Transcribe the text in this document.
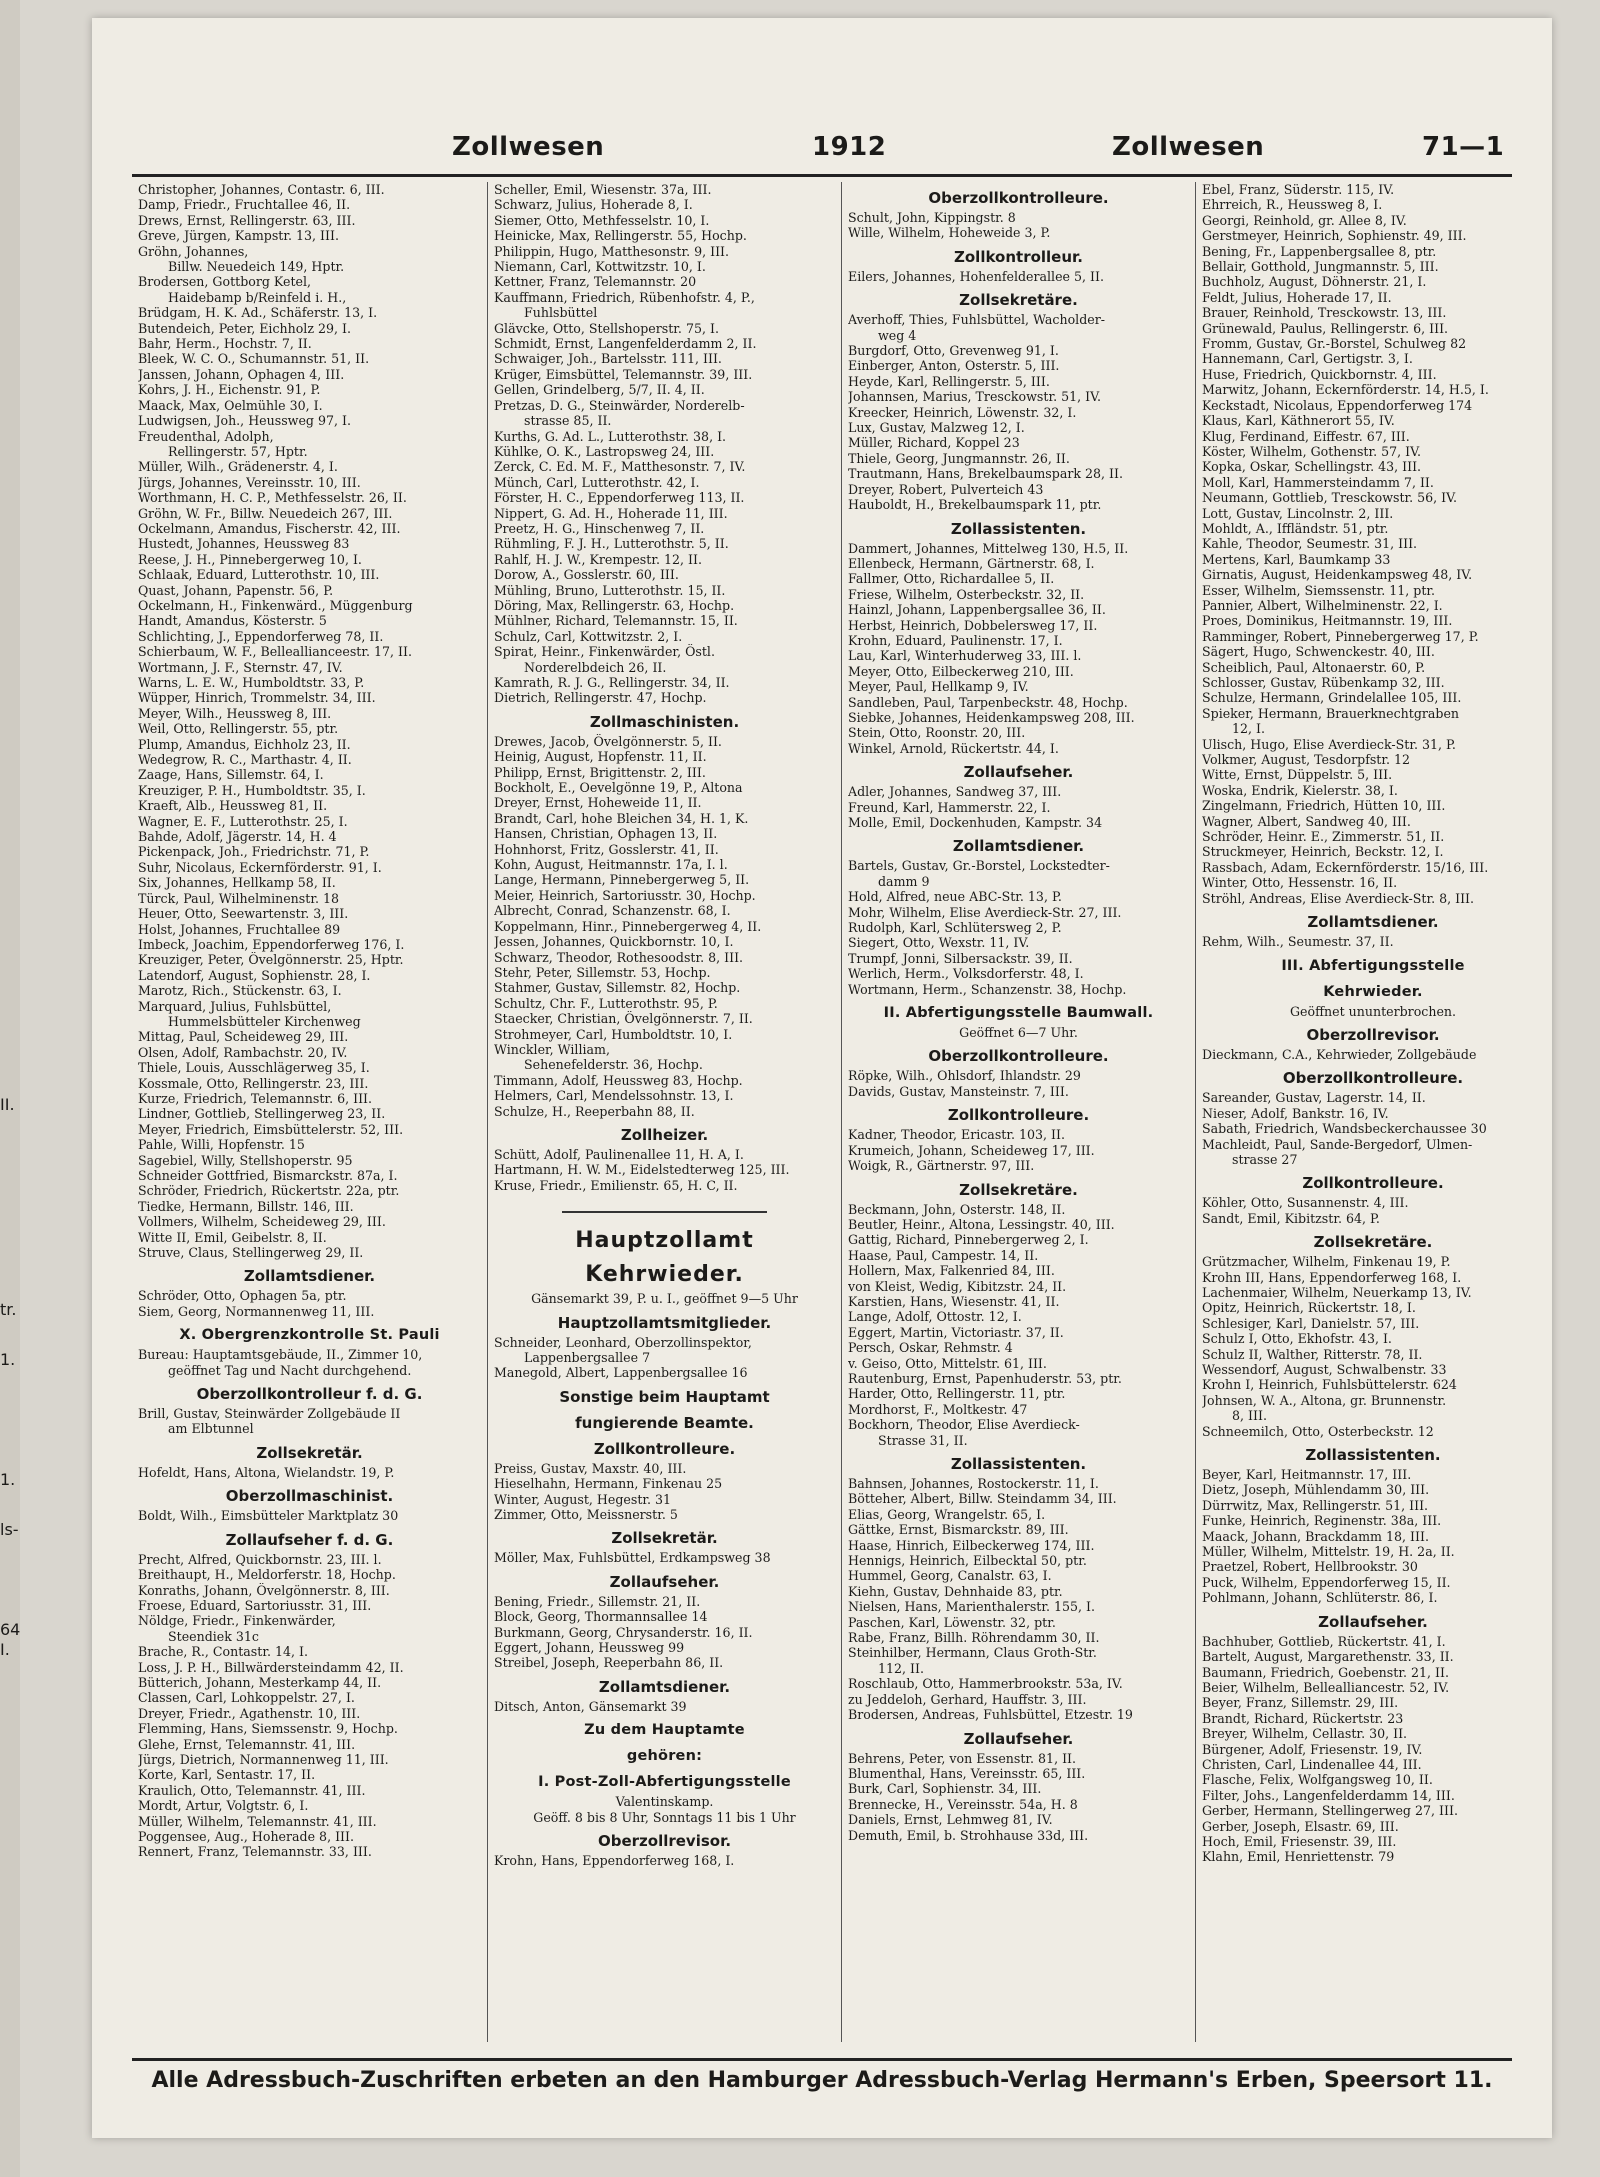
II.
tr.
1.
1.
ls-
64
I.
Zollwesen	1912	Zollwesen	71—1
Christopher, Johannes, Contastr. 6, III.
Damp, Friedr., Fruchtallee 46, II.
Drews, Ernst, Rellingerstr. 63, III.
Greve, Jürgen, Kampstr. 13, III.
Gröhn, Johannes,
Billw. Neuedeich 149, Hptr.
Brodersen, Gottborg Ketel,
Haidebamp b/Reinfeld i. H.,
Brüdgam, H. K. Ad., Schäferstr. 13, I.
Butendeich, Peter, Eichholz 29, I.
Bahr, Herm., Hochstr. 7, II.
Bleek, W. C. O., Schumannstr. 51, II.
Janssen, Johann, Ophagen 4, III.
Kohrs, J. H., Eichenstr. 91, P.
Maack, Max, Oelmühle 30, I.
Ludwigsen, Joh., Heussweg 97, I.
Freudenthal, Adolph,
Rellingerstr. 57, Hptr.
Müller, Wilh., Grädenerstr. 4, I.
Jürgs, Johannes, Vereinsstr. 10, III.
Worthmann, H. C. P., Methfesselstr. 26, II.
Gröhn, W. Fr., Billw. Neuedeich 267, III.
Ockelmann, Amandus, Fischerstr. 42, III.
Hustedt, Johannes, Heussweg 83
Reese, J. H., Pinnebergerweg 10, I.
Schlaak, Eduard, Lutterothstr. 10, III.
Quast, Johann, Papenstr. 56, P.
Ockelmann, H., Finkenwärd., Müggenburg
Handt, Amandus, Kösterstr. 5
Schlichting, J., Eppendorferweg 78, II.
Schierbaum, W. F., Belleallianceestr. 17, II.
Wortmann, J. F., Sternstr. 47, IV.
Warns, L. E. W., Humboldtstr. 33, P.
Wüpper, Hinrich, Trommelstr. 34, III.
Meyer, Wilh., Heussweg 8, III.
Weil, Otto, Rellingerstr. 55, ptr.
Plump, Amandus, Eichholz 23, II.
Wedegrow, R. C., Marthastr. 4, II.
Zaage, Hans, Sillemstr. 64, I.
Kreuziger, P. H., Humboldtstr. 35, I.
Kraeft, Alb., Heussweg 81, II.
Wagner, E. F., Lutterothstr. 25, I.
Bahde, Adolf, Jägerstr. 14, H. 4
Pickenpack, Joh., Friedrichstr. 71, P.
Suhr, Nicolaus, Eckernförderstr. 91, I.
Six, Johannes, Hellkamp 58, II.
Türck, Paul, Wilhelminenstr. 18
Heuer, Otto, Seewartenstr. 3, III.
Holst, Johannes, Fruchtallee 89
Imbeck, Joachim, Eppendorferweg 176, I.
Kreuziger, Peter, Övelgönnerstr. 25, Hptr.
Latendorf, August, Sophienstr. 28, I.
Marotz, Rich., Stückenstr. 63, I.
Marquard, Julius, Fuhlsbüttel,
Hummelsbütteler Kirchenweg
Mittag, Paul, Scheideweg 29, III.
Olsen, Adolf, Rambachstr. 20, IV.
Thiele, Louis, Ausschlägerweg 35, I.
Kossmale, Otto, Rellingerstr. 23, III.
Kurze, Friedrich, Telemannstr. 6, III.
Lindner, Gottlieb, Stellingerweg 23, II.
Meyer, Friedrich, Eimsbüttelerstr. 52, III.
Pahle, Willi, Hopfenstr. 15
Sagebiel, Willy, Stellshoperstr. 95
Schneider Gottfried, Bismarckstr. 87a, I.
Schröder, Friedrich, Rückertstr. 22a, ptr.
Tiedke, Hermann, Billstr. 146, III.
Vollmers, Wilhelm, Scheideweg 29, III.
Witte II, Emil, Geibelstr. 8, II.
Struve, Claus, Stellingerweg 29, II.
Zollamtsdiener.
Schröder, Otto, Ophagen 5a, ptr.
Siem, Georg, Normannenweg 11, III.
X. Obergrenzkontrolle St. Pauli
Bureau: Hauptamtsgebäude, II., Zimmer 10,
geöffnet Tag und Nacht durchgehend.
Oberzollkontrolleur f. d. G.
Brill, Gustav, Steinwärder Zollgebäude II
am Elbtunnel
Zollsekretär.
Hofeldt, Hans, Altona, Wielandstr. 19, P.
Oberzollmaschinist.
Boldt, Wilh., Eimsbütteler Marktplatz 30
Zollaufseher f. d. G.
Precht, Alfred, Quickbornstr. 23, III. l.
Breithaupt, H., Meldorferstr. 18, Hochp.
Konraths, Johann, Övelgönnerstr. 8, III.
Froese, Eduard, Sartoriusstr. 31, III.
Nöldge, Friedr., Finkenwärder,
Steendiek 31c
Brache, R., Contastr. 14, I.
Loss, J. P. H., Billwärdersteindamm 42, II.
Bütterich, Johann, Mesterkamp 44, II.
Classen, Carl, Lohkoppelstr. 27, I.
Dreyer, Friedr., Agathenstr. 10, III.
Flemming, Hans, Siemssenstr. 9, Hochp.
Glehe, Ernst, Telemannstr. 41, III.
Jürgs, Dietrich, Normannenweg 11, III.
Korte, Karl, Sentastr. 17, II.
Kraulich, Otto, Telemannstr. 41, III.
Mordt, Artur, Volgtstr. 6, I.
Müller, Wilhelm, Telemannstr. 41, III.
Poggensee, Aug., Hoherade 8, III.
Rennert, Franz, Telemannstr. 33, III.
Scheller, Emil, Wiesenstr. 37a, III.
Schwarz, Julius, Hoherade 8, I.
Siemer, Otto, Methfesselstr. 10, I.
Heinicke, Max, Rellingerstr. 55, Hochp.
Philippin, Hugo, Matthesonstr. 9, III.
Niemann, Carl, Kottwitzstr. 10, I.
Kettner, Franz, Telemannstr. 20
Kauffmann, Friedrich, Rübenhofstr. 4, P.,
Fuhlsbüttel
Glävcke, Otto, Stellshoperstr. 75, I.
Schmidt, Ernst, Langenfelderdamm 2, II.
Schwaiger, Joh., Bartelsstr. 111, III.
Krüger, Eimsbüttel, Telemannstr. 39, III.
Gellen, Grindelberg, 5/7, II. 4, II.
Pretzas, D. G., Steinwärder, Norderelb-
strasse 85, II.
Kurths, G. Ad. L., Lutterothstr. 38, I.
Kühlke, O. K., Lastropsweg 24, III.
Zerck, C. Ed. M. F., Matthesonstr. 7, IV.
Münch, Carl, Lutterothstr. 42, I.
Förster, H. C., Eppendorferweg 113, II.
Nippert, G. Ad. H., Hoherade 11, III.
Preetz, H. G., Hinschenweg 7, II.
Rühmling, F. J. H., Lutterothstr. 5, II.
Rahlf, H. J. W., Krempestr. 12, II.
Dorow, A., Gosslerstr. 60, III.
Mühling, Bruno, Lutterothstr. 15, II.
Döring, Max, Rellingerstr. 63, Hochp.
Mühlner, Richard, Telemannstr. 15, II.
Schulz, Carl, Kottwitzstr. 2, I.
Spirat, Heinr., Finkenwärder, Östl.
Norderelbdeich 26, II.
Kamrath, R. J. G., Rellingerstr. 34, II.
Dietrich, Rellingerstr. 47, Hochp.
Zollmaschinisten.
Drewes, Jacob, Övelgönnerstr. 5, II.
Heinig, August, Hopfenstr. 11, II.
Philipp, Ernst, Brigittenstr. 2, III.
Bockholt, E., Oevelgönne 19, P., Altona
Dreyer, Ernst, Hoheweide 11, II.
Brandt, Carl, hohe Bleichen 34, H. 1, K.
Hansen, Christian, Ophagen 13, II.
Hohnhorst, Fritz, Gosslerstr. 41, II.
Kohn, August, Heitmannstr. 17a, I. l.
Lange, Hermann, Pinnebergerweg 5, II.
Meier, Heinrich, Sartoriusstr. 30, Hochp.
Albrecht, Conrad, Schanzenstr. 68, I.
Koppelmann, Hinr., Pinnebergerweg 4, II.
Jessen, Johannes, Quickbornstr. 10, I.
Schwarz, Theodor, Rothesoodstr. 8, III.
Stehr, Peter, Sillemstr. 53, Hochp.
Stahmer, Gustav, Sillemstr. 82, Hochp.
Schultz, Chr. F., Lutterothstr. 95, P.
Staecker, Christian, Övelgönnerstr. 7, II.
Strohmeyer, Carl, Humboldtstr. 10, I.
Winckler, William,
Sehenefelderstr. 36, Hochp.
Timmann, Adolf, Heussweg 83, Hochp.
Helmers, Carl, Mendelssohnstr. 13, I.
Schulze, H., Reeperbahn 88, II.
Zollheizer.
Schütt, Adolf, Paulinenallee 11, H. A, I.
Hartmann, H. W. M., Eidelstedterweg 125, III.
Kruse, Friedr., Emilienstr. 65, H. C, II.
Hauptzollamt
Kehrwieder.
Gänsemarkt 39, P. u. I., geöffnet 9—5 Uhr
Hauptzollamtsmitglieder.
Schneider, Leonhard, Oberzollinspektor,
Lappenbergsallee 7
Manegold, Albert, Lappenbergsallee 16
Sonstige beim Hauptamt
fungierende Beamte.
Zollkontrolleure.
Preiss, Gustav, Maxstr. 40, III.
Hieselhahn, Hermann, Finkenau 25
Winter, August, Hegestr. 31
Zimmer, Otto, Meissnerstr. 5
Zollsekretär.
Möller, Max, Fuhlsbüttel, Erdkampsweg 38
Zollaufseher.
Bening, Friedr., Sillemstr. 21, II.
Block, Georg, Thormannsallee 14
Burkmann, Georg, Chrysanderstr. 16, II.
Eggert, Johann, Heussweg 99
Streibel, Joseph, Reeperbahn 86, II.
Zollamtsdiener.
Ditsch, Anton, Gänsemarkt 39
Zu dem Hauptamte
gehören:
I. Post-Zoll-Abfertigungsstelle
Valentinskamp.
Geöff. 8 bis 8 Uhr, Sonntags 11 bis 1 Uhr
Oberzollrevisor.
Krohn, Hans, Eppendorferweg 168, I.
Oberzollkontrolleure.
Schult, John, Kippingstr. 8
Wille, Wilhelm, Hoheweide 3, P.
Zollkontrolleur.
Eilers, Johannes, Hohenfelderallee 5, II.
Zollsekretäre.
Averhoff, Thies, Fuhlsbüttel, Wacholder-
weg 4
Burgdorf, Otto, Grevenweg 91, I.
Einberger, Anton, Osterstr. 5, III.
Heyde, Karl, Rellingerstr. 5, III.
Johannsen, Marius, Tresckowstr. 51, IV.
Kreecker, Heinrich, Löwenstr. 32, I.
Lux, Gustav, Malzweg 12, I.
Müller, Richard, Koppel 23
Thiele, Georg, Jungmannstr. 26, II.
Trautmann, Hans, Brekelbaumspark 28, II.
Dreyer, Robert, Pulverteich 43
Hauboldt, H., Brekelbaumspark 11, ptr.
Zollassistenten.
Dammert, Johannes, Mittelweg 130, H.5, II.
Ellenbeck, Hermann, Gärtnerstr. 68, I.
Fallmer, Otto, Richardallee 5, II.
Friese, Wilhelm, Osterbeckstr. 32, II.
Hainzl, Johann, Lappenbergsallee 36, II.
Herbst, Heinrich, Dobbelersweg 17, II.
Krohn, Eduard, Paulinenstr. 17, I.
Lau, Karl, Winterhuderweg 33, III. l.
Meyer, Otto, Eilbeckerweg 210, III.
Meyer, Paul, Hellkamp 9, IV.
Sandleben, Paul, Tarpenbeckstr. 48, Hochp.
Siebke, Johannes, Heidenkampsweg 208, III.
Stein, Otto, Roonstr. 20, III.
Winkel, Arnold, Rückertstr. 44, I.
Zollaufseher.
Adler, Johannes, Sandweg 37, III.
Freund, Karl, Hammerstr. 22, I.
Molle, Emil, Dockenhuden, Kampstr. 34
Zollamtsdiener.
Bartels, Gustav, Gr.-Borstel, Lockstedter-
damm 9
Hold, Alfred, neue ABC-Str. 13, P.
Mohr, Wilhelm, Elise Averdieck-Str. 27, III.
Rudolph, Karl, Schlütersweg 2, P.
Siegert, Otto, Wexstr. 11, IV.
Trumpf, Jonni, Silbersackstr. 39, II.
Werlich, Herm., Volksdorferstr. 48, I.
Wortmann, Herm., Schanzenstr. 38, Hochp.
II. Abfertigungsstelle Baumwall.
Geöffnet 6—7 Uhr.
Oberzollkontrolleure.
Röpke, Wilh., Ohlsdorf, Ihlandstr. 29
Davids, Gustav, Mansteinstr. 7, III.
Zollkontrolleure.
Kadner, Theodor, Ericastr. 103, II.
Krumeich, Johann, Scheideweg 17, III.
Woigk, R., Gärtnerstr. 97, III.
Zollsekretäre.
Beckmann, John, Osterstr. 148, II.
Beutler, Heinr., Altona, Lessingstr. 40, III.
Gattig, Richard, Pinnebergerweg 2, I.
Haase, Paul, Campestr. 14, II.
Hollern, Max, Falkenried 84, III.
von Kleist, Wedig, Kibitzstr. 24, II.
Karstien, Hans, Wiesenstr. 41, II.
Lange, Adolf, Ottostr. 12, I.
Eggert, Martin, Victoriastr. 37, II.
Persch, Oskar, Rehmstr. 4
v. Geiso, Otto, Mittelstr. 61, III.
Rautenburg, Ernst, Papenhuderstr. 53, ptr.
Harder, Otto, Rellingerstr. 11, ptr.
Mordhorst, F., Moltkestr. 47
Bockhorn, Theodor, Elise Averdieck-
Strasse 31, II.
Zollassistenten.
Bahnsen, Johannes, Rostockerstr. 11, I.
Bötteher, Albert, Billw. Steindamm 34, III.
Elias, Georg, Wrangelstr. 65, I.
Gättke, Ernst, Bismarckstr. 89, III.
Haase, Hinrich, Eilbeckerweg 174, III.
Hennigs, Heinrich, Eilbecktal 50, ptr.
Hummel, Georg, Canalstr. 63, I.
Kiehn, Gustav, Dehnhaide 83, ptr.
Nielsen, Hans, Marienthalerstr. 155, I.
Paschen, Karl, Löwenstr. 32, ptr.
Rabe, Franz, Billh. Röhrendamm 30, II.
Steinhilber, Hermann, Claus Groth-Str.
112, II.
Roschlaub, Otto, Hammerbrookstr. 53a, IV.
zu Jeddeloh, Gerhard, Hauffstr. 3, III.
Brodersen, Andreas, Fuhlsbüttel, Etzestr. 19
Zollaufseher.
Behrens, Peter, von Essenstr. 81, II.
Blumenthal, Hans, Vereinsstr. 65, III.
Burk, Carl, Sophienstr. 34, III.
Brennecke, H., Vereinsstr. 54a, H. 8
Daniels, Ernst, Lehmweg 81, IV.
Demuth, Emil, b. Strohhause 33d, III.
Ebel, Franz, Süderstr. 115, IV.
Ehrreich, R., Heussweg 8, I.
Georgi, Reinhold, gr. Allee 8, IV.
Gerstmeyer, Heinrich, Sophienstr. 49, III.
Bening, Fr., Lappenbergsallee 8, ptr.
Bellair, Gotthold, Jungmannstr. 5, III.
Buchholz, August, Döhnerstr. 21, I.
Feldt, Julius, Hoherade 17, II.
Brauer, Reinhold, Tresckowstr. 13, III.
Grünewald, Paulus, Rellingerstr. 6, III.
Fromm, Gustav, Gr.-Borstel, Schulweg 82
Hannemann, Carl, Gertigstr. 3, I.
Huse, Friedrich, Quickbornstr. 4, III.
Marwitz, Johann, Eckernförderstr. 14, H.5, I.
Keckstadt, Nicolaus, Eppendorferweg 174
Klaus, Karl, Käthnerort 55, IV.
Klug, Ferdinand, Eiffestr. 67, III.
Köster, Wilhelm, Gothenstr. 57, IV.
Kopka, Oskar, Schellingstr. 43, III.
Moll, Karl, Hammersteindamm 7, II.
Neumann, Gottlieb, Tresckowstr. 56, IV.
Lott, Gustav, Lincolnstr. 2, III.
Mohldt, A., Iffländstr. 51, ptr.
Kahle, Theodor, Seumestr. 31, III.
Mertens, Karl, Baumkamp 33
Girnatis, August, Heidenkampsweg 48, IV.
Esser, Wilhelm, Siemssenstr. 11, ptr.
Pannier, Albert, Wilhelminenstr. 22, I.
Proes, Dominikus, Heitmannstr. 19, III.
Ramminger, Robert, Pinnebergerweg 17, P.
Sägert, Hugo, Schwenckestr. 40, III.
Scheiblich, Paul, Altonaerstr. 60, P.
Schlosser, Gustav, Rübenkamp 32, III.
Schulze, Hermann, Grindelallee 105, III.
Spieker, Hermann, Brauerknechtgraben
12, I.
Ulisch, Hugo, Elise Averdieck-Str. 31, P.
Volkmer, August, Tesdorpfstr. 12
Witte, Ernst, Düppelstr. 5, III.
Woska, Endrik, Kielerstr. 38, I.
Zingelmann, Friedrich, Hütten 10, III.
Wagner, Albert, Sandweg 40, III.
Schröder, Heinr. E., Zimmerstr. 51, II.
Struckmeyer, Heinrich, Beckstr. 12, I.
Rassbach, Adam, Eckernförderstr. 15/16, III.
Winter, Otto, Hessenstr. 16, II.
Ströhl, Andreas, Elise Averdieck-Str. 8, III.
Zollamtsdiener.
Rehm, Wilh., Seumestr. 37, II.
III. Abfertigungsstelle
Kehrwieder.
Geöffnet ununterbrochen.
Oberzollrevisor.
Dieckmann, C.A., Kehrwieder, Zollgebäude
Oberzollkontrolleure.
Sareander, Gustav, Lagerstr. 14, II.
Nieser, Adolf, Bankstr. 16, IV.
Sabath, Friedrich, Wandsbeckerchaussee 30
Machleidt, Paul, Sande-Bergedorf, Ulmen-
strasse 27
Zollkontrolleure.
Köhler, Otto, Susannenstr. 4, III.
Sandt, Emil, Kibitzstr. 64, P.
Zollsekretäre.
Grützmacher, Wilhelm, Finkenau 19, P.
Krohn III, Hans, Eppendorferweg 168, I.
Lachenmaier, Wilhelm, Neuerkamp 13, IV.
Opitz, Heinrich, Rückertstr. 18, I.
Schlesiger, Karl, Danielstr. 57, III.
Schulz I, Otto, Ekhofstr. 43, I.
Schulz II, Walther, Ritterstr. 78, II.
Wessendorf, August, Schwalbenstr. 33
Krohn I, Heinrich, Fuhlsbüttelerstr. 624
Johnsen, W. A., Altona, gr. Brunnenstr.
8, III.
Schneemilch, Otto, Osterbeckstr. 12
Zollassistenten.
Beyer, Karl, Heitmannstr. 17, III.
Dietz, Joseph, Mühlendamm 30, III.
Dürrwitz, Max, Rellingerstr. 51, III.
Funke, Heinrich, Reginenstr. 38a, III.
Maack, Johann, Brackdamm 18, III.
Müller, Wilhelm, Mittelstr. 19, H. 2a, II.
Praetzel, Robert, Hellbrookstr. 30
Puck, Wilhelm, Eppendorferweg 15, II.
Pohlmann, Johann, Schlüterstr. 86, I.
Zollaufseher.
Bachhuber, Gottlieb, Rückertstr. 41, I.
Bartelt, August, Margarethenstr. 33, II.
Baumann, Friedrich, Goebenstr. 21, II.
Beier, Wilhelm, Bellealliancestr. 52, IV.
Beyer, Franz, Sillemstr. 29, III.
Brandt, Richard, Rückertstr. 23
Breyer, Wilhelm, Cellastr. 30, II.
Bürgener, Adolf, Friesenstr. 19, IV.
Christen, Carl, Lindenallee 44, III.
Flasche, Felix, Wolfgangsweg 10, II.
Filter, Johs., Langenfelderdamm 14, III.
Gerber, Hermann, Stellingerweg 27, III.
Gerber, Joseph, Elsastr. 69, III.
Hoch, Emil, Friesenstr. 39, III.
Klahn, Emil, Henriettenstr. 79
Alle Adressbuch-Zuschriften erbeten an den Hamburger Adressbuch-Verlag Hermann's Erben, Speersort 11.
